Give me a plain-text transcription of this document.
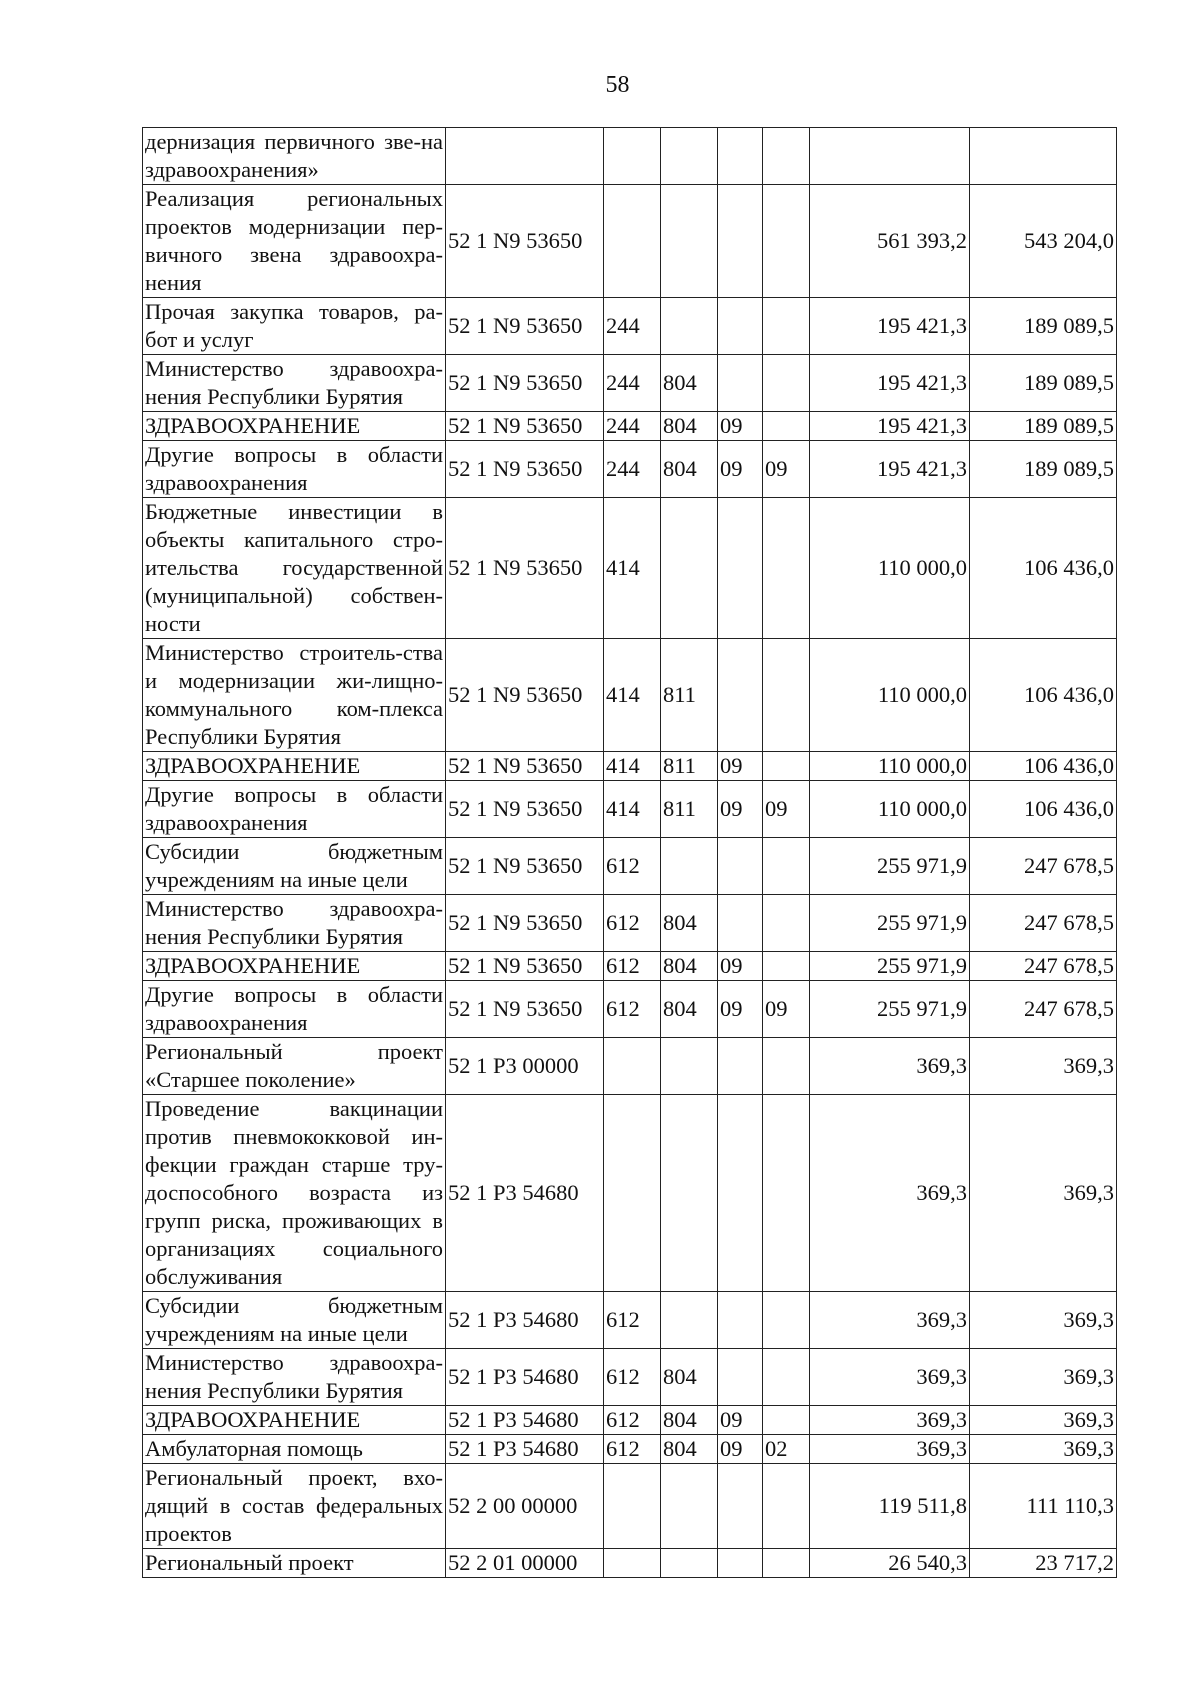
58
дернизация первичного зве-на здравоохранения»							
Реализация региональных проектов модернизации пер-вичного звена здравоохра-нения	52 1 N9 53650					561 393,2	543 204,0
Прочая закупка товаров, ра-бот и услуг	52 1 N9 53650	244				195 421,3	189 089,5
Министерство здравоохра-нения Республики Бурятия	52 1 N9 53650	244	804			195 421,3	189 089,5
ЗДРАВООХРАНЕНИЕ	52 1 N9 53650	244	804	09		195 421,3	189 089,5
Другие вопросы в области здравоохранения	52 1 N9 53650	244	804	09	09	195 421,3	189 089,5
Бюджетные инвестиции в объекты капитального стро-ительства государственной (муниципальной) собствен-ности	52 1 N9 53650	414				110 000,0	106 436,0
Министерство строитель-ства и модернизации жи-лищно-коммунального ком-плекса Республики Бурятия	52 1 N9 53650	414	811			110 000,0	106 436,0
ЗДРАВООХРАНЕНИЕ	52 1 N9 53650	414	811	09		110 000,0	106 436,0
Другие вопросы в области здравоохранения	52 1 N9 53650	414	811	09	09	110 000,0	106 436,0
Субсидии бюджетным учреждениям на иные цели	52 1 N9 53650	612				255 971,9	247 678,5
Министерство здравоохра-нения Республики Бурятия	52 1 N9 53650	612	804			255 971,9	247 678,5
ЗДРАВООХРАНЕНИЕ	52 1 N9 53650	612	804	09		255 971,9	247 678,5
Другие вопросы в области здравоохранения	52 1 N9 53650	612	804	09	09	255 971,9	247 678,5
Региональный проект «Старшее поколение»	52 1 P3 00000					369,3	369,3
Проведение вакцинации против пневмококковой ин-фекции граждан старше тру-доспособного возраста из групп риска, проживающих в организациях социального обслуживания	52 1 P3 54680					369,3	369,3
Субсидии бюджетным учреждениям на иные цели	52 1 P3 54680	612				369,3	369,3
Министерство здравоохра-нения Республики Бурятия	52 1 P3 54680	612	804			369,3	369,3
ЗДРАВООХРАНЕНИЕ	52 1 P3 54680	612	804	09		369,3	369,3
Амбулаторная помощь	52 1 P3 54680	612	804	09	02	369,3	369,3
Региональный проект, вхо-дящий в состав федеральных проектов	52 2 00 00000					119 511,8	111 110,3
Региональный проект	52 2 01 00000					26 540,3	23 717,2
